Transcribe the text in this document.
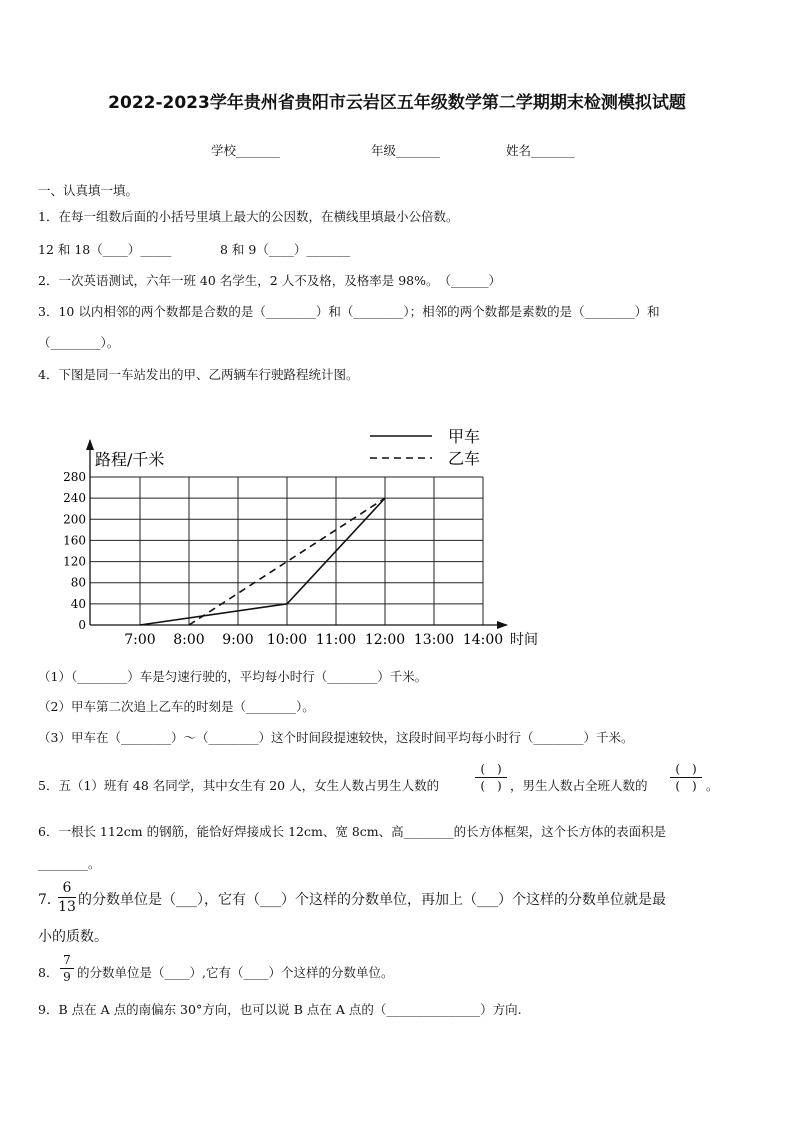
2022-2023学年贵州省贵阳市云岩区五年级数学第二学期期末检测模拟试题
学校_______	年级_______	姓名_______
一、认真填一填。
1．在每一组数后面的小括号里填上最大的公因数，在横线里填最小公倍数。
12 和 18（____）_____	8 和 9（____）_______
2．一次英语测试，六年一班 40 名学生，2 人不及格，及格率是 98%。　（______）
3．10 以内相邻的两个数都是合数的是（________）和（________）；相邻的两个数都是素数的是（________）和
（________）。
4．下图是同一车站发出的甲、乙两辆车行驶路程统计图。
0
40
80
120
160
200
240
280
7:00 8:00 9:00 10:00 11:00 12:00 13:00 14:00
路程/千米
时间
甲车
乙车
（1）（________）车是匀速行驶的，平均每小时行（________）千米。
（2）甲车第二次追上乙车的时刻是（________）。
（3）甲车在（________）～（________）这个时间段提速较快，这段时间平均每小时行（________）千米。
5．五（1）班有 48 名同学，其中女生有 20 人，女生人数占男生人数的
(　)
(　) ，男生人数占全班人数的
(　)
(　) 。
6．一根长 112cm 的钢筋，能恰好焊接成长 12cm、宽 8cm、高________的长方体框架，这个长方体的表面积是
________。
7．
6
13 的分数单位是（___），它有（___）个这样的分数单位，再加上（___）个这样的分数单位就是最
小的质数。
8．
7
9 的分数单位是（____）,它有（____）个这样的分数单位。
9．B 点在 A 点的南偏东 30°方向，也可以说 B 点在 A 点的（_______________）方向.
